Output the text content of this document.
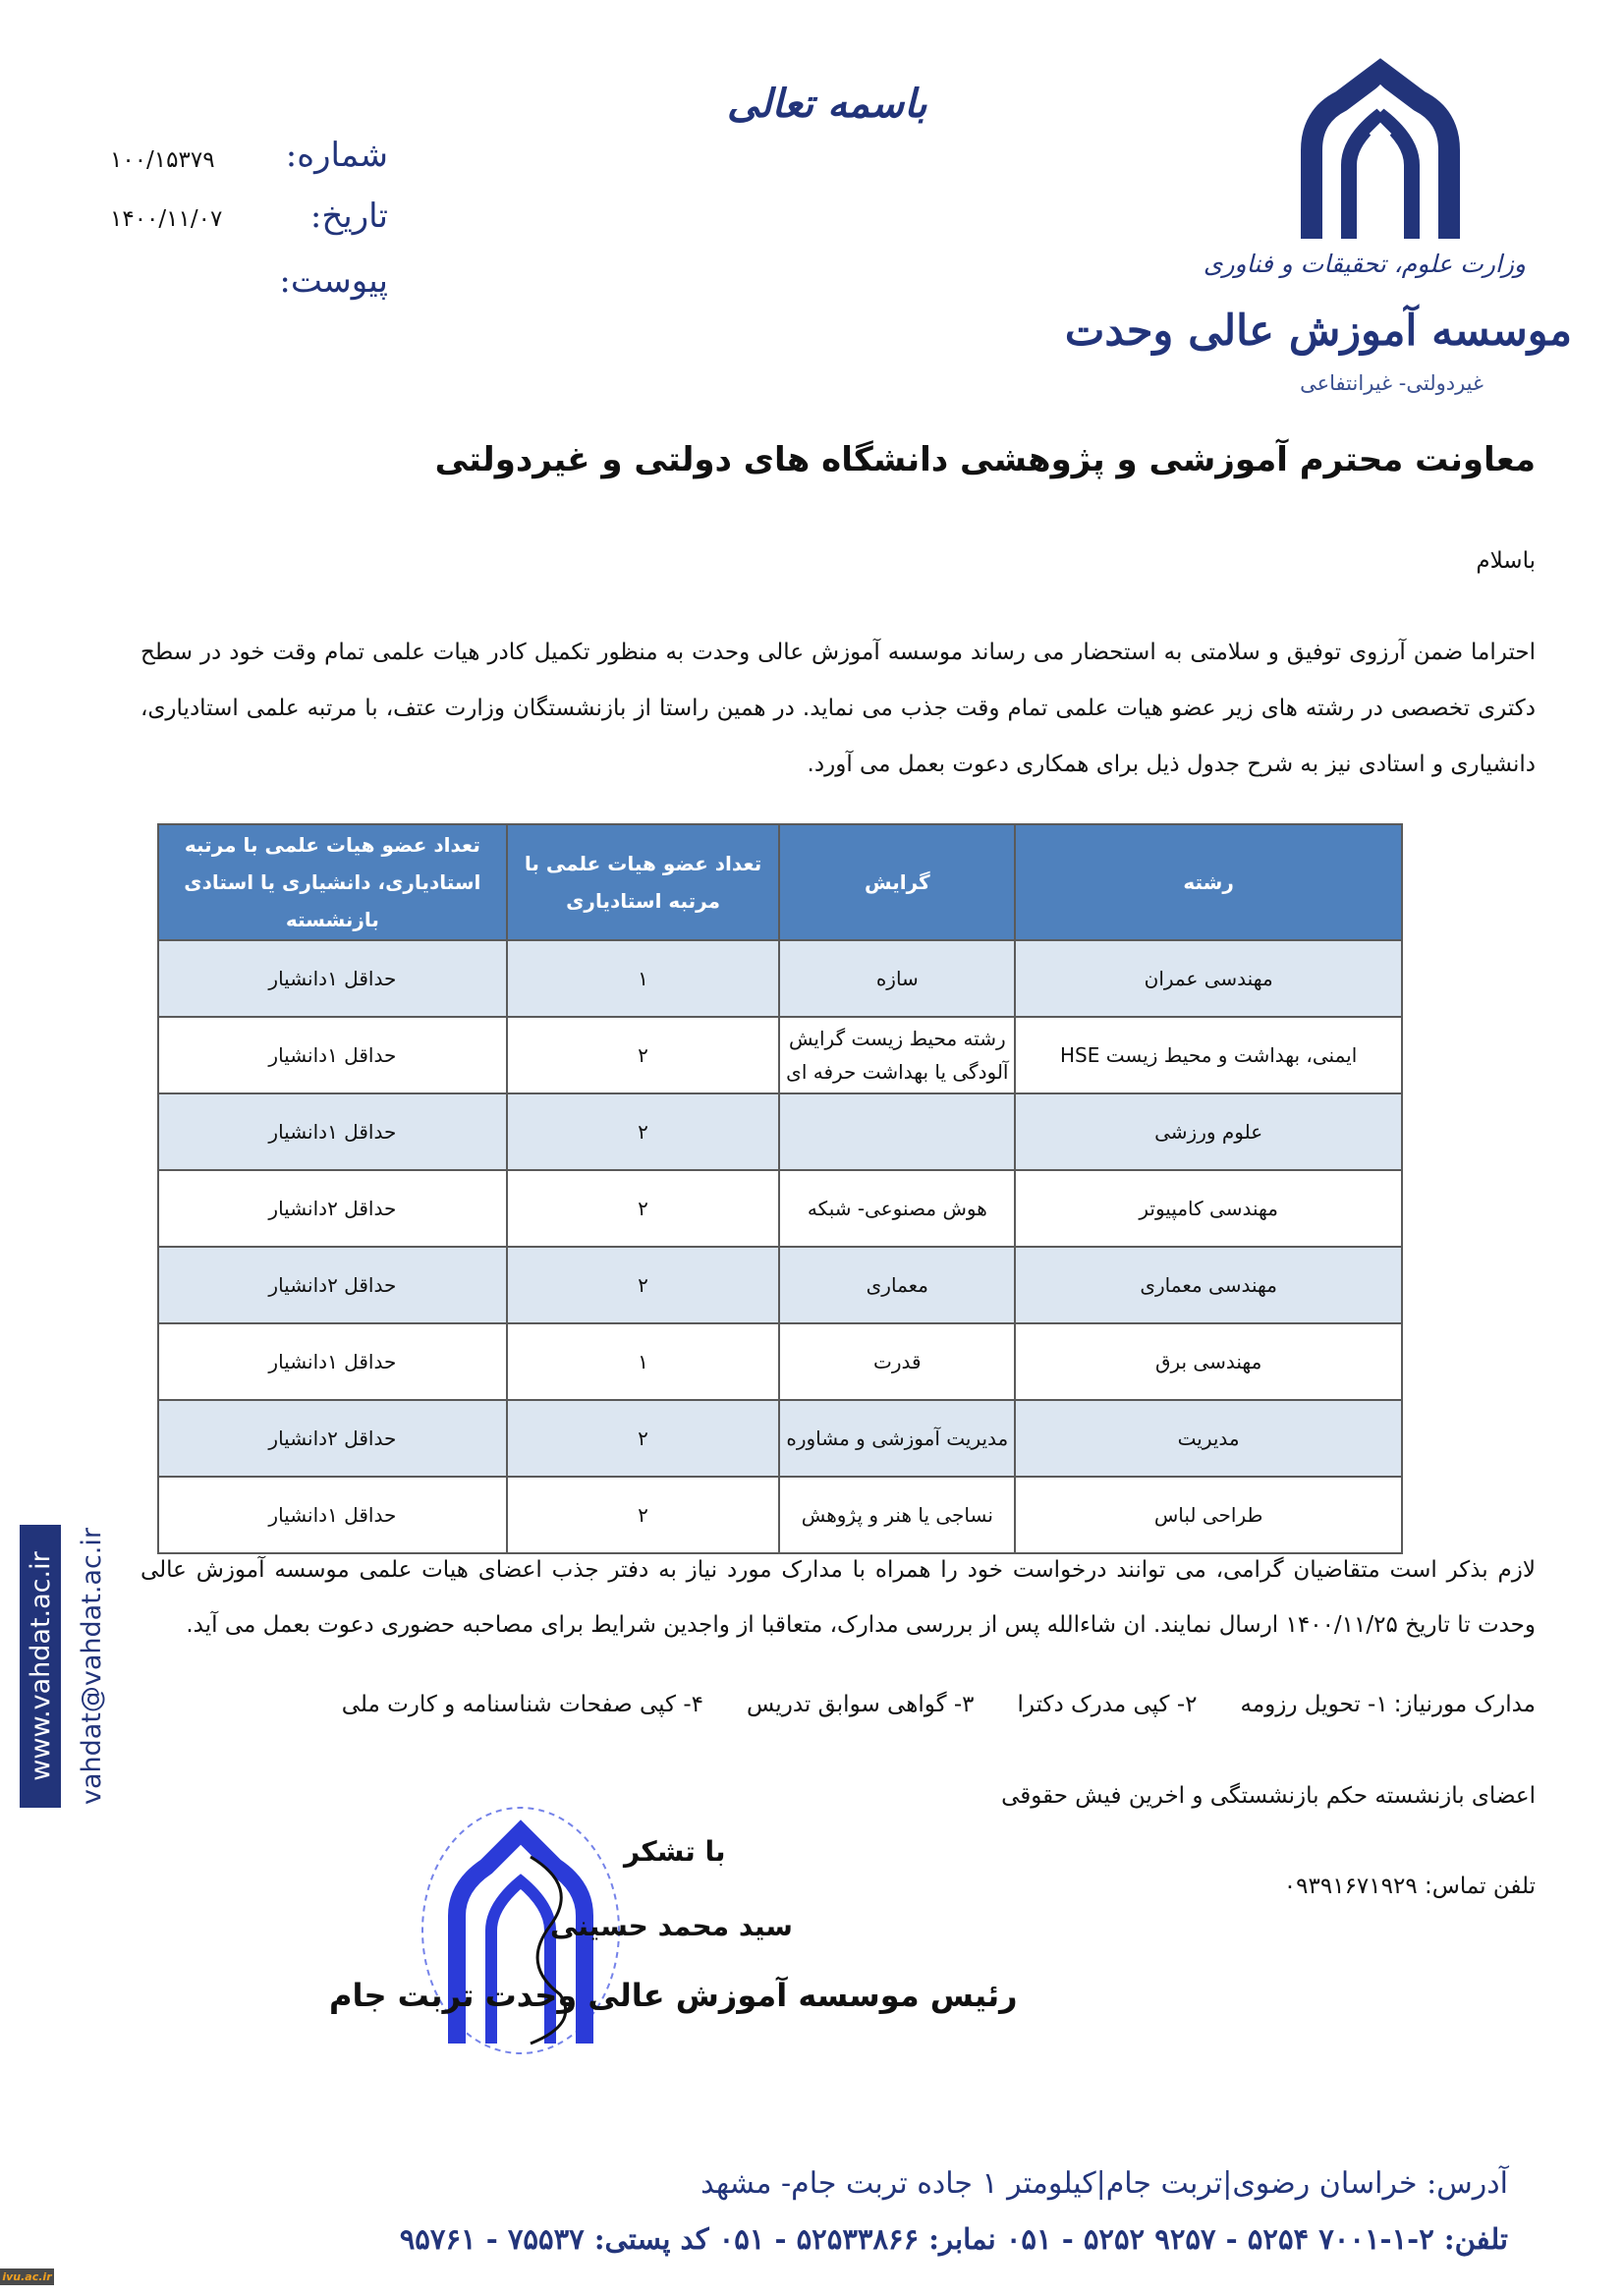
وزارت علوم، تحقیقات و فناوری
موسسه آموزش عالی وحدت
غیردولتی- غیرانتفاعی
باسمه تعالی
شماره:
۱۰۰/۱۵۳۷۹
تاریخ:
۱۴۰۰/۱۱/۰۷
پیوست:
معاونت محترم آموزشی و پژوهشی دانشگاه های دولتی و غیردولتی
باسلام
احتراما ضمن آرزوی توفیق و سلامتی به استحضار می رساند موسسه آموزش عالی وحدت به منظور تکمیل کادر هیات علمی تمام وقت خود در سطح دکتری تخصصی در رشته های زیر عضو هیات علمی تمام وقت جذب می نماید. در همین راستا از بازنشستگان وزارت عتف، با مرتبه علمی استادیاری، دانشیاری و استادی نیز به شرح جدول ذیل برای همکاری دعوت بعمل می آورد.
رشته	گرایش	تعداد عضو هیات علمی با مرتبه استادیاری	تعداد عضو هیات علمی با مرتبه استادیاری، دانشیاری یا استادی بازنشسته
مهندسی عمران	سازه	۱	حداقل ۱دانشیار
ایمنی، بهداشت و محیط زیست HSE	رشته محیط زیست گرایش آلودگی یا بهداشت حرفه ای	۲	حداقل ۱دانشیار
علوم ورزشی		۲	حداقل ۱دانشیار
مهندسی کامپیوتر	هوش مصنوعی- شبکه	۲	حداقل ۲دانشیار
مهندسی معماری	معماری	۲	حداقل ۲دانشیار
مهندسی برق	قدرت	۱	حداقل ۱دانشیار
مدیریت	مدیریت آموزشی و مشاوره	۲	حداقل ۲دانشیار
طراحی لباس	نساجی یا هنر و پژوهش	۲	حداقل ۱دانشیار
لازم بذکر است متقاضیان گرامی، می توانند درخواست خود را همراه با مدارک مورد نیاز به دفتر جذب اعضای هیات علمی موسسه آموزش عالی وحدت تا تاریخ ۱۴۰۰/۱۱/۲۵ ارسال نمایند. ان شاءالله پس از بررسی مدارک، متعاقبا از واجدین شرایط برای مصاحبه حضوری دعوت بعمل می آید.
مدارک مورنیاز:۱- تحویل رزومه۲- کپی مدرک دکترا۳- گواهی سوابق تدریس۴- کپی صفحات شناسنامه و کارت ملی
اعضای بازنشسته حکم بازنشستگی و اخرین فیش حقوقی
تلفن تماس: ۰۹۳۹۱۶۷۱۹۲۹
با تشکر
سید محمد حسینی
رئیس موسسه آموزش عالی وحدت تربت جام
www.vahdat.ac.ir vahdat@vahdat.ac.ir
آدرس: خراسان رضوی|تربت جام|کیلومتر ۱ جاده تربت جام- مشهد
تلفن: ۲-۱-۷۰۰۱ ۵۲۵۴ - ۹۲۵۷ ۵۲۵۲ - ۰۵۱ نمابر: ۵۲۵۳۳۸۶۶ - ۰۵۱ کد پستی: ۷۵۵۳۷ - ۹۵۷۶۱
ivu.ac.ir
